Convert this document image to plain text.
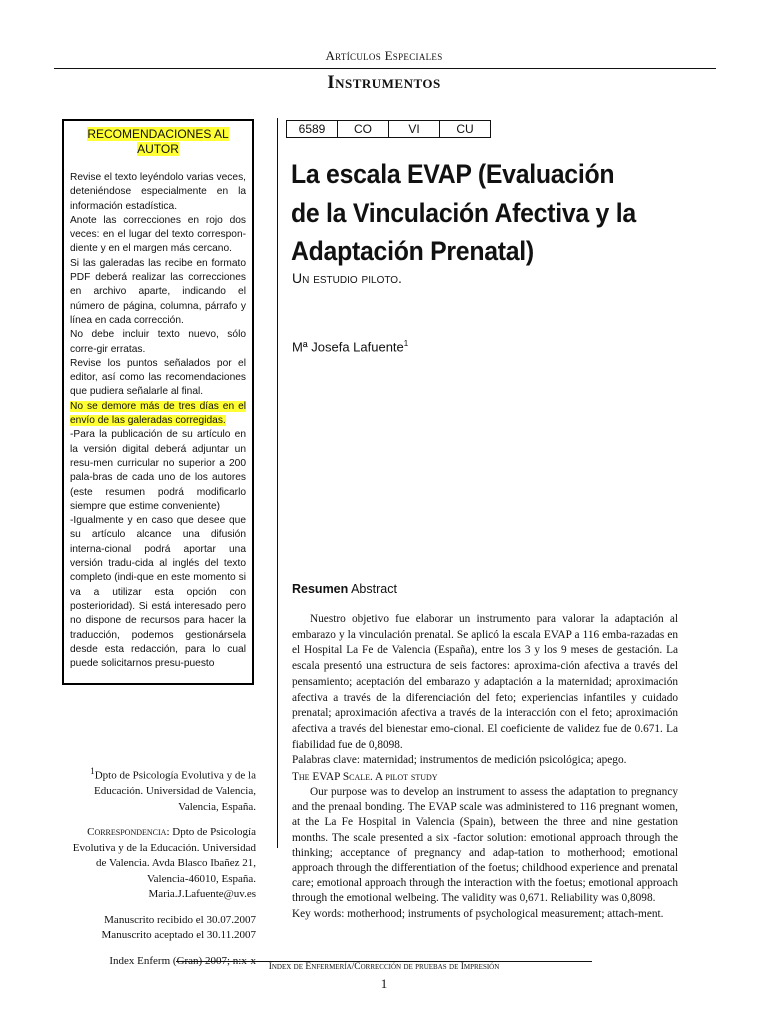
Artículos Especiales
Instrumentos
RECOMENDACIONES AL AUTOR

Revise el texto leyéndolo varias veces, deteniéndose especialmente en la información estadística.

Anote las correcciones en rojo dos veces: en el lugar del texto correspon-diente y en el margen más cercano.

Si las galeradas las recibe en formato PDF deberá realizar las correcciones en archivo aparte, indicando el número de página, columna, párrafo y línea en cada corrección.

No debe incluir texto nuevo, sólo corre-gir erratas.

Revise los puntos señalados por el editor, así como las recomendaciones que pudiera señalarle al final.

No se demore más de tres días en el envío de las galeradas corregidas.

-Para la publicación de su artículo en la versión digital deberá adjuntar un resu-men curricular no superior a 200 pala-bras de cada uno de los autores (este resumen podrá modificarlo siempre que estime conveniente)

-Igualmente y en caso que desee que su artículo alcance una difusión interna-cional podrá aportar una versión tradu-cida al inglés del texto completo (indi-que en este momento si va a utilizar esta opción con posterioridad). Si está interesado pero no dispone de recursos para hacer la traducción, podemos gestionársela desde esta redacción, para lo cual puede solicitarnos presu-puesto

6589	CO	VI	CU
La escala EVAP (Evaluación
de la Vinculación Afectiva y la
Adaptación Prenatal)
Un estudio piloto.
Mª Josefa Lafuente$^1$
Resumen Abstract

Nuestro objetivo fue elaborar un instrumento para valorar la adaptación al embarazo y la vinculación prenatal. Se aplicó la escala EVAP a 116 emba-razadas en el Hospital La Fe de Valencia (España), entre los 3 y los 9 meses de gestación. La escala presentó una estructura de seis factores: aproxima-ción afectiva a través del pensamiento; aceptación del embarazo y adaptación a la maternidad; aproximación afectiva a través de la diferenciación del feto; experiencias infantiles y cuidado prenatal; aproximación afectiva a través de la interacción con el feto; aproximación afectiva a través del bienestar emo-cional. El coeficiente de validez fue de 0.671. La fiabilidad fue de 0,8098.

Palabras clave: maternidad; instrumentos de medición psicológica; apego.

The EVAP Scale. A pilot study

Our purpose was to develop an instrument to assess the adaptation to pregnancy and the prenaal bonding. The EVAP scale was administered to 116 pregnant women, at the La Fe Hospital in Valencia (Spain), between the three and nine gestation months. The scale presented a six -factor solution: emotional approach through the thinking; acceptance of pregnancy and adap-tation to motherhood; emotional approach through the differentiation of the foetus; childhood experience and prenatal care; emotional approach through the interaction with the foetus; emotional approach through the emotional welbeing. The validity was 0,671. Reliability was 0,8098.

Key words: motherhood; instruments of psychological measurement; attach-ment.

$^1$Dpto de Psicología Evolutiva y de la Educación. Universidad de Valencia, Valencia, España.

Correspondencia: Dpto de Psicología Evolutiva y de la Educación. Universidad de Valencia. Avda Blasco Ibañez 21, Valencia-46010, España.

Maria.J.Lafuente@uv.es

Manuscrito recibido el 30.07.2007

Manuscrito aceptado el 30.11.2007

Index Enferm (Gran) 2007; n:x-x

Index de Enfermería/Corrección de pruebas de Impresión
1
